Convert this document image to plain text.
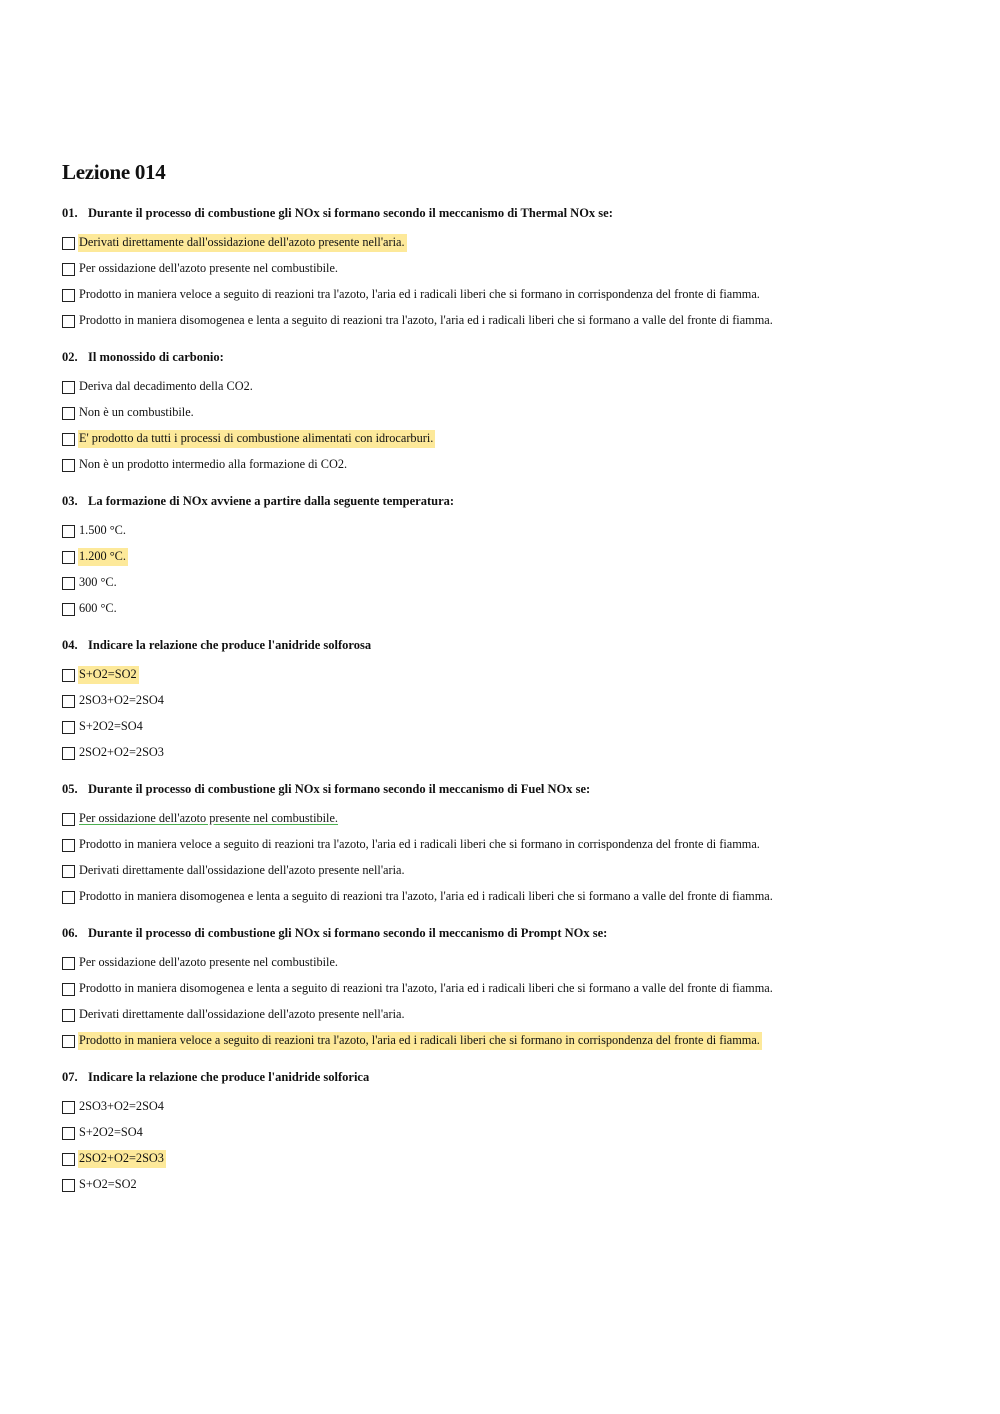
Lezione 014
01. Durante il processo di combustione gli NOx si formano secondo il meccanismo di Thermal NOx se:
Derivati direttamente dall'ossidazione dell'azoto presente nell'aria.
Per ossidazione dell'azoto presente nel combustibile.
Prodotto in maniera veloce a seguito di reazioni tra l'azoto, l'aria ed i radicali liberi che si formano in corrispondenza del fronte di fiamma.
Prodotto in maniera disomogenea e lenta a seguito di reazioni tra l'azoto, l'aria ed i radicali liberi che si formano a valle del fronte di fiamma.
02. Il monossido di carbonio:
Deriva dal decadimento della CO2.
Non è un combustibile.
E' prodotto da tutti i processi di combustione alimentati con idrocarburi.
Non è un prodotto intermedio alla formazione di CO2.
03. La formazione di NOx avviene a partire dalla seguente temperatura:
1.500 °C.
1.200 °C.
300 °C.
600 °C.
04. Indicare la relazione che produce l'anidride solforosa
S+O2=SO2
2SO3+O2=2SO4
S+2O2=SO4
2SO2+O2=2SO3
05. Durante il processo di combustione gli NOx si formano secondo il meccanismo di Fuel NOx se:
Per ossidazione dell'azoto presente nel combustibile.
Prodotto in maniera veloce a seguito di reazioni tra l'azoto, l'aria ed i radicali liberi che si formano in corrispondenza del fronte di fiamma.
Derivati direttamente dall'ossidazione dell'azoto presente nell'aria.
Prodotto in maniera disomogenea e lenta a seguito di reazioni tra l'azoto, l'aria ed i radicali liberi che si formano a valle del fronte di fiamma.
06. Durante il processo di combustione gli NOx si formano secondo il meccanismo di Prompt NOx se:
Per ossidazione dell'azoto presente nel combustibile.
Prodotto in maniera disomogenea e lenta a seguito di reazioni tra l'azoto, l'aria ed i radicali liberi che si formano a valle del fronte di fiamma.
Derivati direttamente dall'ossidazione dell'azoto presente nell'aria.
Prodotto in maniera veloce a seguito di reazioni tra l'azoto, l'aria ed i radicali liberi che si formano in corrispondenza del fronte di fiamma.
07. Indicare la relazione che produce l'anidride solforica
2SO3+O2=2SO4
S+2O2=SO4
2SO2+O2=2SO3
S+O2=SO2
